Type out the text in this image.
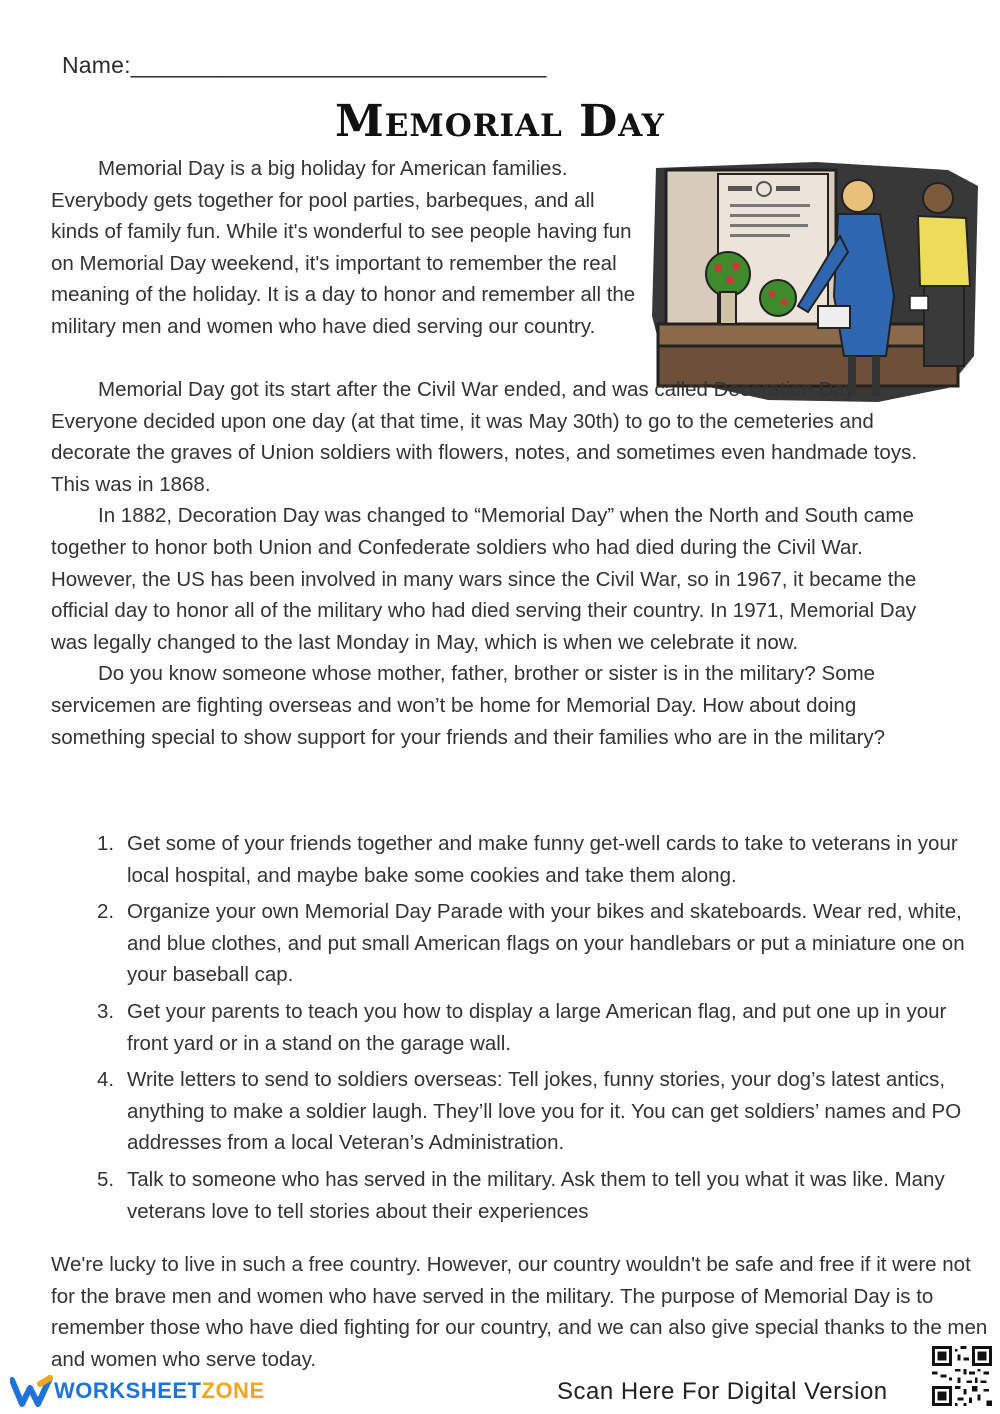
Name:________________________________
Memorial Day

Memorial Day is a big holiday for American families. Everybody gets together for pool parties, barbeques, and all kinds of family fun. While it's wonderful to see people having fun on Memorial Day weekend, it's important to remember the real meaning of the holiday. It is a day to honor and remember all the military men and women who have died serving our country.

Memorial Day got its start after the Civil War ended, and was called Decoration Day. Everyone decided upon one day (at that time, it was May 30th) to go to the cemeteries and decorate the graves of Union soldiers with flowers, notes, and sometimes even handmade toys. This was in 1868.

In 1882, Decoration Day was changed to “Memorial Day” when the North and South came together to honor both Union and Confederate soldiers who had died during the Civil War. However, the US has been involved in many wars since the Civil War, so in 1967, it became the official day to honor all of the military who had died serving their country. In 1971, Memorial Day was legally changed to the last Monday in May, which is when we celebrate it now.

Do you know someone whose mother, father, brother or sister is in the military? Some servicemen are fighting overseas and won’t be home for Memorial Day. How about doing something special to show support for your friends and their families who are in the military?

1. Get some of your friends together and make funny get-well cards to take to veterans in your local hospital, and maybe bake some cookies and take them along.
2. Organize your own Memorial Day Parade with your bikes and skateboards. Wear red, white, and blue clothes, and put small American flags on your handlebars or put a miniature one on your baseball cap.
3. Get your parents to teach you how to display a large American flag, and put one up in your front yard or in a stand on the garage wall.
4. Write letters to send to soldiers overseas: Tell jokes, funny stories, your dog’s latest antics, anything to make a soldier laugh. They’ll love you for it. You can get soldiers’ names and PO addresses from a local Veteran’s Administration.
5. Talk to someone who has served in the military. Ask them to tell you what it was like. Many veterans love to tell stories about their experiences
We're lucky to live in such a free country. However, our country wouldn't be safe and free if it were not for the brave men and women who have served in the military. The purpose of Memorial Day is to remember those who have died fighting for our country, and we can also give special thanks to the men and women who serve today.
WORKSHEETZONE	Scan Here For Digital Version
